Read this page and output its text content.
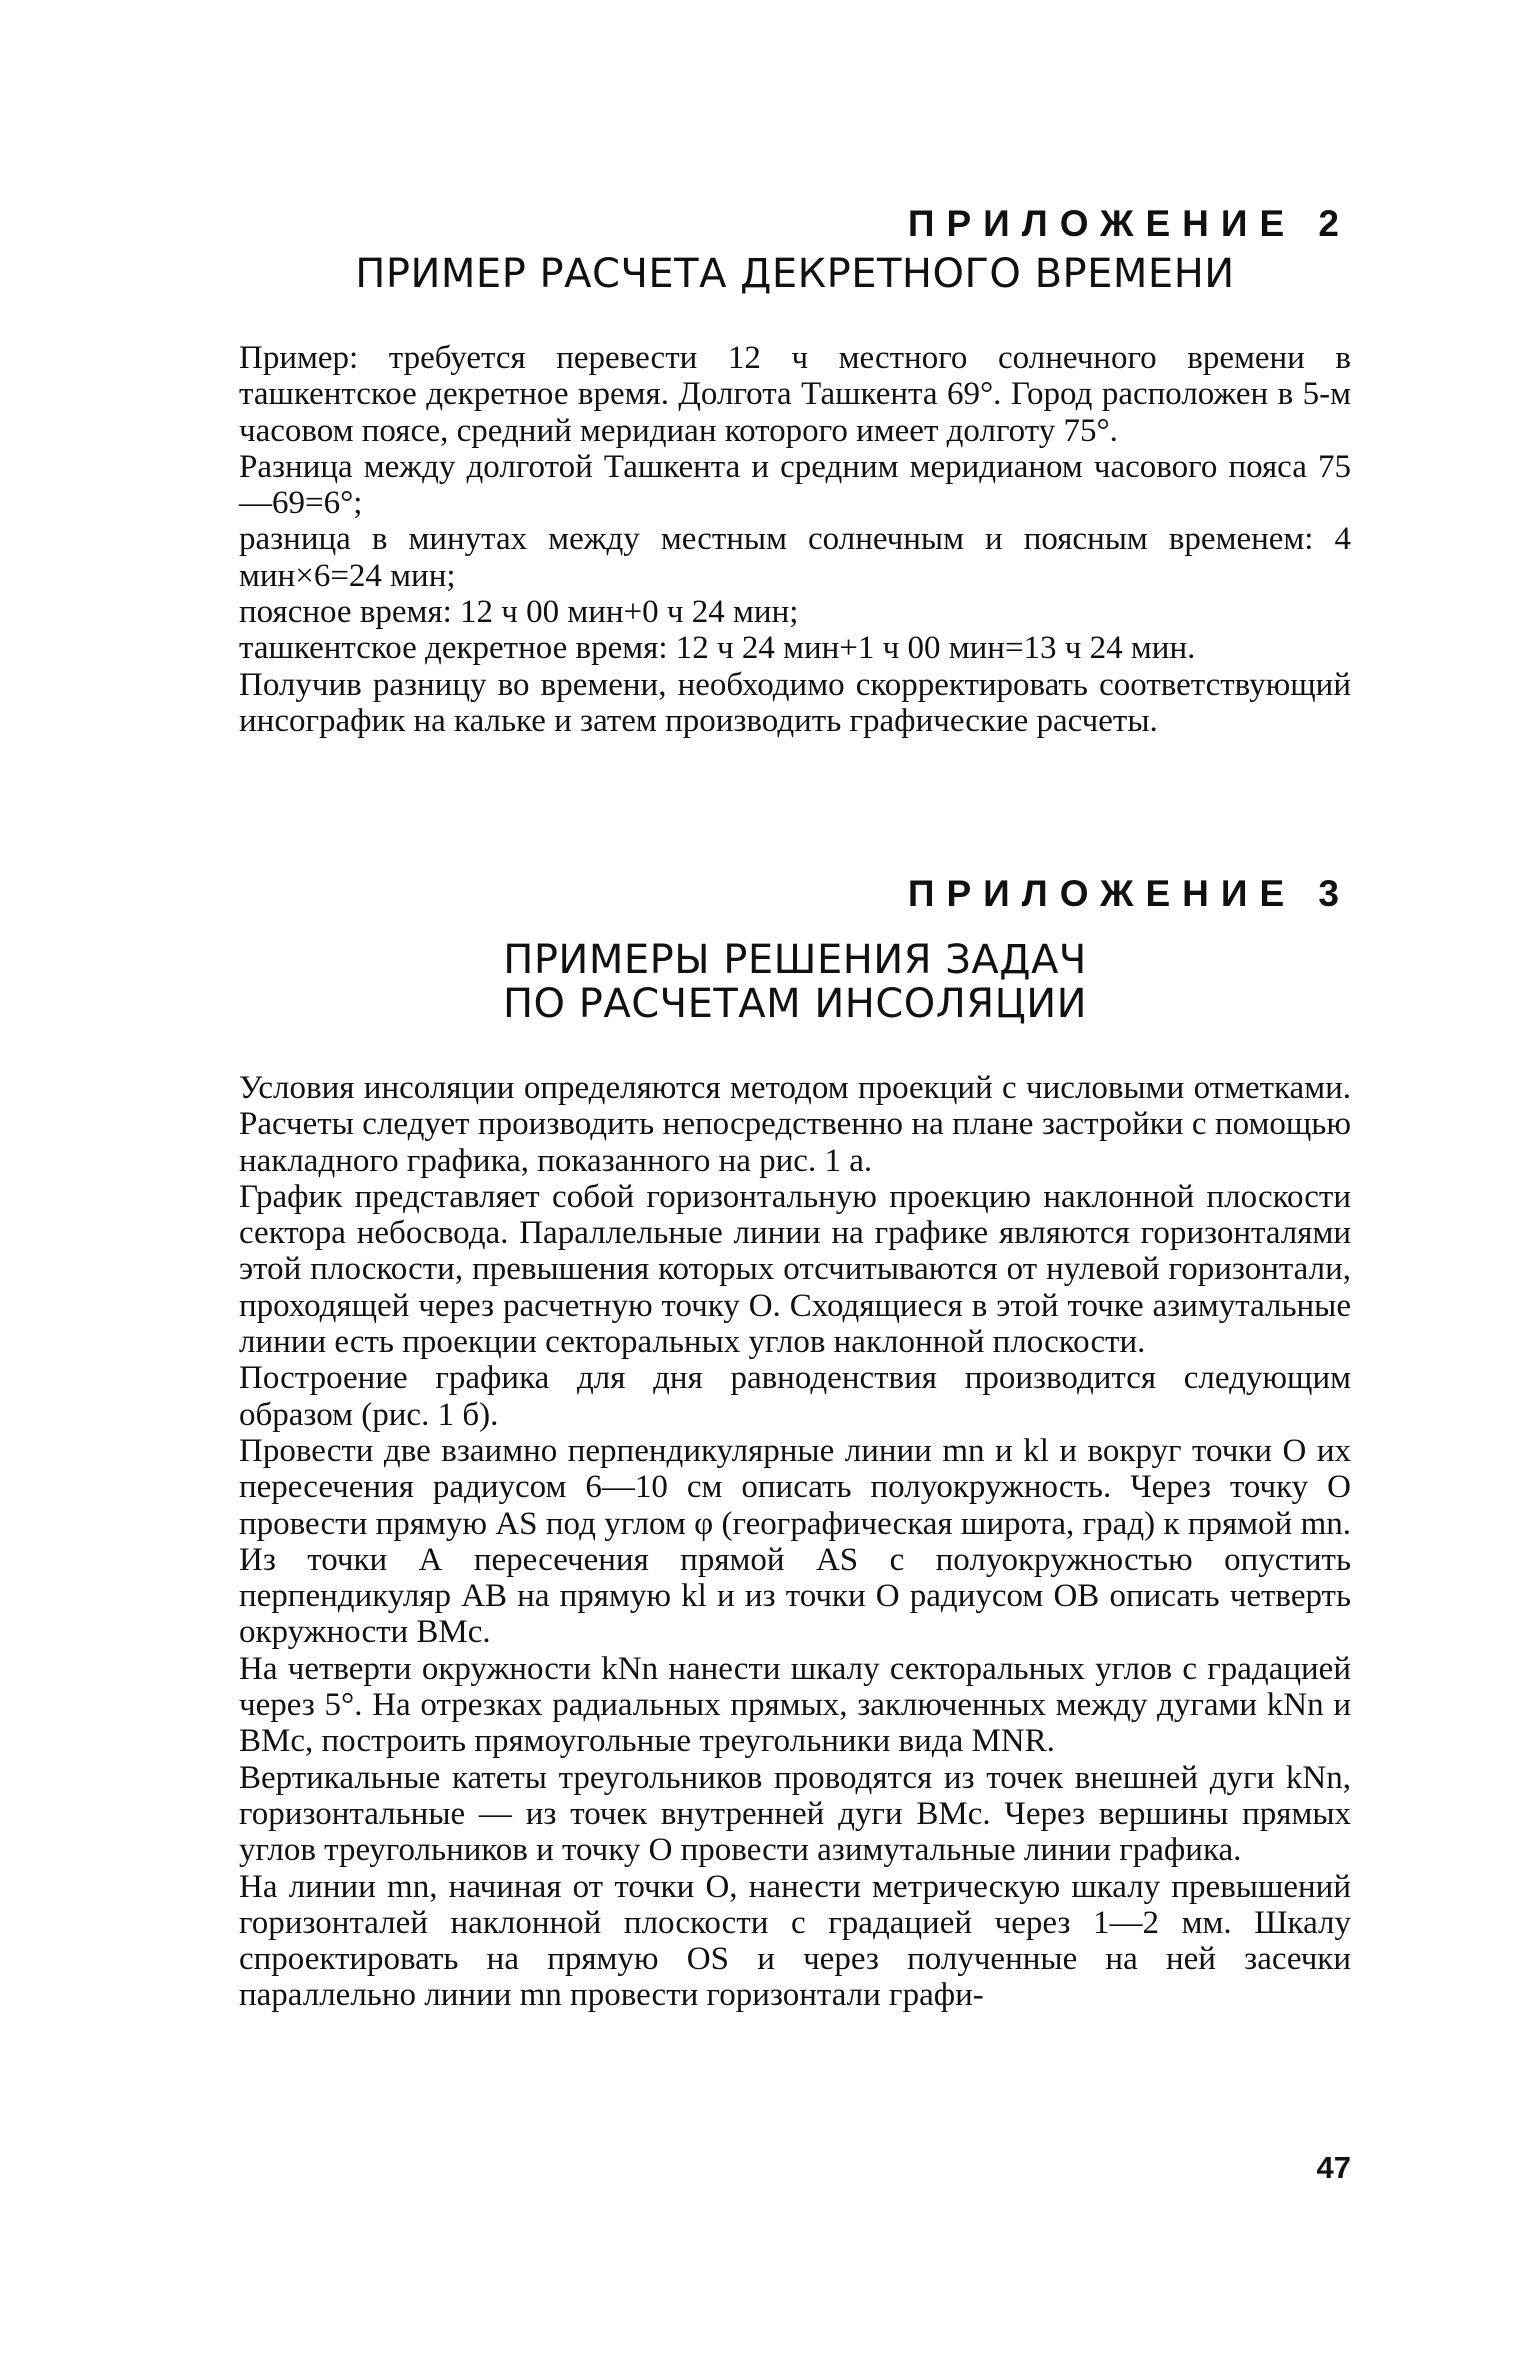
ПРИЛОЖЕНИЕ 2
ПРИМЕР РАСЧЕТА ДЕКРЕТНОГО ВРЕМЕНИ

Пример: требуется перевести 12 ч местного солнечного времени в ташкентское декретное время. Долгота Ташкента 69°. Город расположен в 5-м часовом поясе, средний меридиан которого имеет долготу 75°.

Разница между долготой Ташкента и средним меридианом часового пояса 75—69=6°;

разница в минутах между местным солнечным и поясным временем: 4 мин×6=24 мин;

поясное время: 12 ч 00 мин+0 ч 24 мин;

ташкентское декретное время: 12 ч 24 мин+1 ч 00 мин=13 ч 24 мин.

Получив разницу во времени, необходимо скорректировать соответствующий инсографик на кальке и затем производить графические расчеты.

ПРИЛОЖЕНИЕ 3
ПРИМЕРЫ РЕШЕНИЯ ЗАДАЧ
ПО РАСЧЕТАМ ИНСОЛЯЦИИ

Условия инсоляции определяются методом проекций с числовыми отметками. Расчеты следует производить непосредственно на плане застройки с помощью накладного графика, показанного на рис. 1 а.

График представляет собой горизонтальную проекцию наклонной плоскости сектора небосвода. Параллельные линии на графике являются горизонталями этой плоскости, превышения которых отсчитываются от нулевой горизонтали, проходящей через расчетную точку О. Сходящиеся в этой точке азимутальные линии есть проекции секторальных углов наклонной плоскости.

Построение графика для дня равноденствия производится следующим образом (рис. 1 б).

Провести две взаимно перпендикулярные линии mn и kl и вокруг точки О их пересечения радиусом 6—10 см описать полуокружность. Через точку О провести прямую AS под углом φ (географическая широта, град) к прямой mn. Из точки А пересечения прямой AS с полуокружностью опустить перпендикуляр АВ на прямую kl и из точки О радиусом ОВ описать четверть окружности ВМс.

На четверти окружности kNn нанести шкалу секторальных углов с градацией через 5°. На отрезках радиальных прямых, заключенных между дугами kNn и ВМс, построить прямоугольные треугольники вида MNR.

Вертикальные катеты треугольников проводятся из точек внешней дуги kNn, горизонтальные — из точек внутренней дуги ВМс. Через вершины прямых углов треугольников и точку О провести азимутальные линии графика.

На линии mn, начиная от точки О, нанести метрическую шкалу превышений горизонталей наклонной плоскости с градацией через 1—2 мм. Шкалу спроектировать на прямую OS и через полученные на ней засечки параллельно линии mn провести горизонтали графи-

47
